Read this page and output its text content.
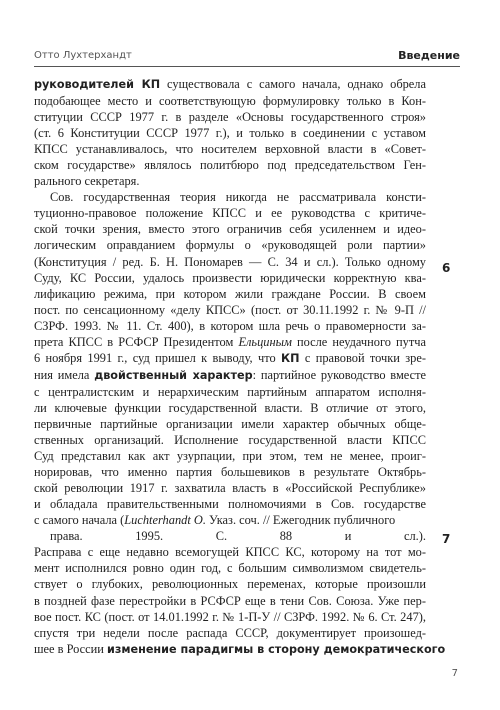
Отто Лухтерхандт	Введение
руководителей КП существовала с самого начала, однако обрела
подобающее место и соответствующую формулировку только в Кон-
ституции СССР 1977 г. в разделе «Основы государственного строя»
(ст. 6 Конституции СССР 1977 г.), и только в соединении с уставом
КПСС устанавливалось, что носителем верховной власти в «Совет-
ском государстве» являлось политбюро под председательством Ген-
рального секретаря.
Сов. государственная теория никогда не рассматривала консти-
туционно-правовое положение КПСС и ее руководства с критиче-
ской точки зрения, вместо этого ограничив себя усиленнем и идео-
логическим оправданием формулы о «руководящей роли партии»
(Конституция / ред. Б. Н. Пономарев — С. 34 и сл.). Только одному
Суду, КС России, удалось произвести юридически корректную ква-
лификацию режима, при котором жили граждане России. В своем
пост. по сенсационному «делу КПСС» (пост. от 30.11.1992 г. № 9-П //
СЗРФ. 1993. № 11. Ст. 400), в котором шла речь о правомерности за-
прета КПСС в РСФСР Президентом Ельциным после неудачного путча
6 ноября 1991 г., суд пришел к выводу, что КП с правовой точки зре-
ния имела двойственный характер: партийное руководство вместе
с централистским и нерархическим партийным аппаратом исполня-
ли ключевые функции государственной власти. В отличие от этого,
первичные партийные организации имели характер обычных обще-
ственных организаций. Исполнение государственной власти КПСС
Суд представил как акт узурпации, при этом, тем не менее, проиг-
норировав, что именно партия большевиков в результате Октябрь-
ской революции 1917 г. захватила власть в «Российской Республике»
и обладала правительственными полномочиями в Сов. государстве
с самого начала (Luchterhandt O. Указ. соч. // Ежегодник публичного
права. 1995. С. 88 и сл.).
Расправа с еще недавно всемогущей КПСС КС, которому на тот мо-
мент исполнился ровно один год, с большим символизмом свидетель-
ствует о глубоких, революционных переменах, которые произошли
в поздней фазе перестройки в РСФСР еще в тени Сов. Союза. Уже пер-
вое пост. КС (пост. от 14.01.1992 г. № 1-П-У // СЗРФ. 1992. № 6. Ст. 247),
спустя три недели после распада СССР, документирует произошед-
шее в России изменение парадигмы в сторону демократического
6
7
7
